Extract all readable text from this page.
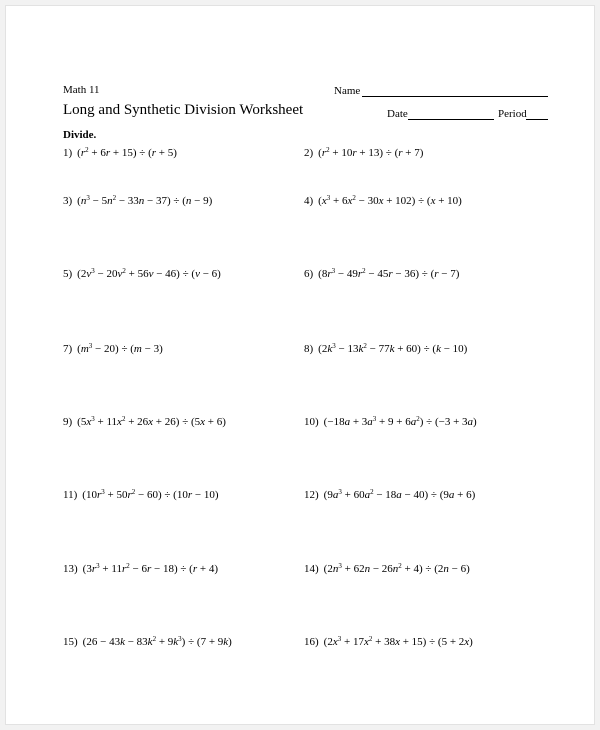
Math 11
Long and Synthetic Division Worksheet
Name
Date	Period
Divide.
1) $(r^2 + 6r + 15) \div (r + 5)$	2) $(r^2 + 10r + 13) \div (r + 7)$
3) $(n^3 - 5n^2 - 33n - 37) \div (n - 9)$	4) $(x^3 + 6x^2 - 30x + 102) \div (x + 10)$
5) $(2v^3 - 20v^2 + 56v - 46) \div (v - 6)$	6) $(8r^3 - 49r^2 - 45r - 36) \div (r - 7)$
7) $(m^3 - 20) \div (m - 3)$	8) $(2k^3 - 13k^2 - 77k + 60) \div (k - 10)$
9) $(5x^3 + 11x^2 + 26x + 26) \div (5x + 6)$	10) $(-18a + 3a^3 + 9 + 6a^2) \div (-3 + 3a)$
11) $(10r^3 + 50r^2 - 60) \div (10r - 10)$	12) $(9a^3 + 60a^2 - 18a - 40) \div (9a + 6)$
13) $(3r^3 + 11r^2 - 6r - 18) \div (r + 4)$	14) $(2n^3 + 62n - 26n^2 + 4) \div (2n - 6)$
15) $(26 - 43k - 83k^2 + 9k^3) \div (7 + 9k)$	16) $(2x^3 + 17x^2 + 38x + 15) \div (5 + 2x)$
